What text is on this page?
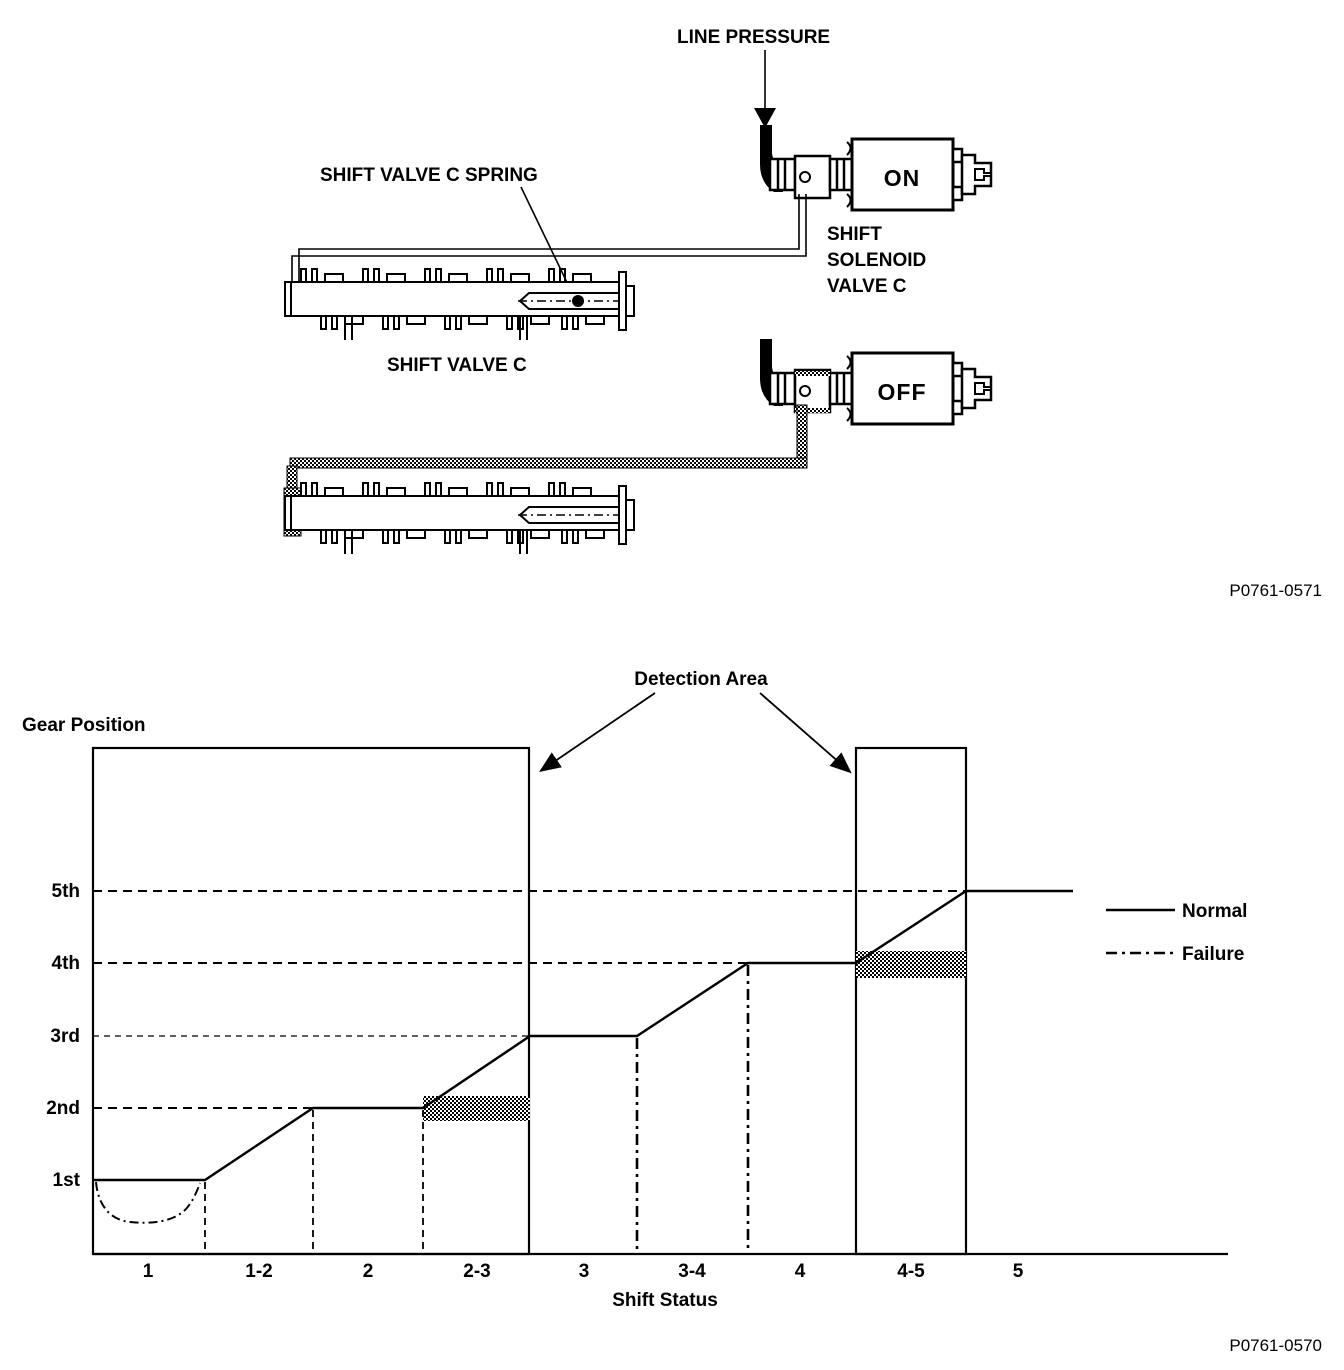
LINE PRESSURE
ON
SHIFT
SOLENOID
VALVE C
SHIFT VALVE C SPRING
SHIFT VALVE C
OFF
P0761-0571
Gear Position
Detection Area
5th
4th
3rd
2nd
1st
1	1-2	2	2-3	3	3-4	4	4-5	5
Shift Status
Normal
Failure
P0761-0570
